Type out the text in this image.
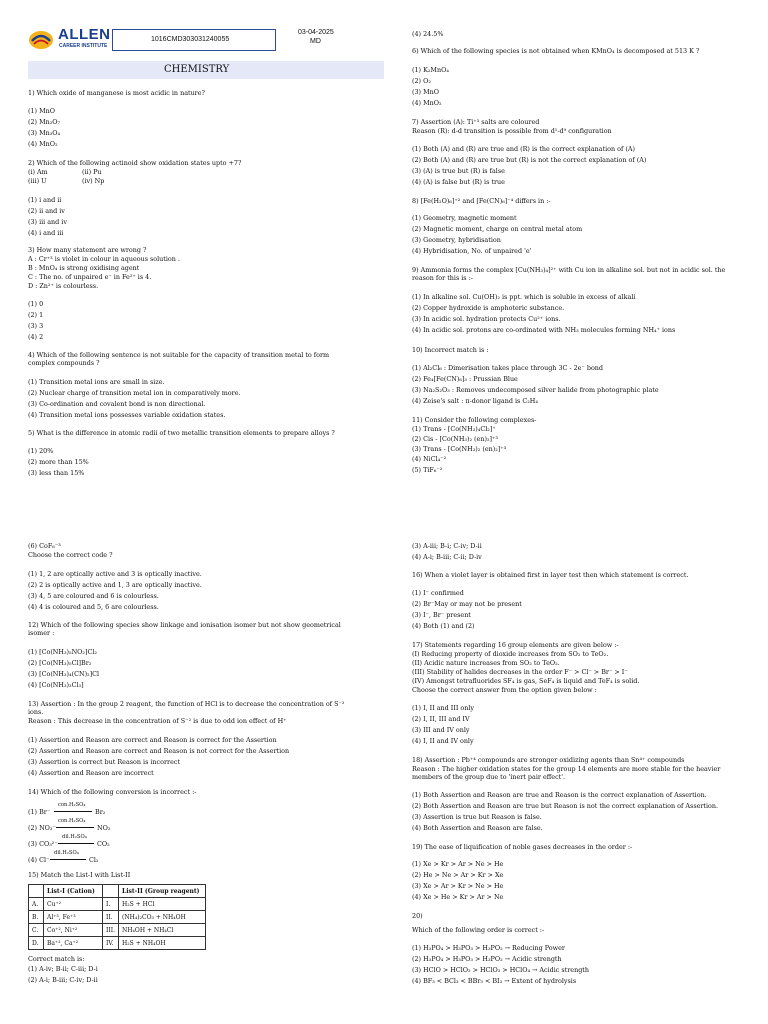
ALLEN
CAREER INSTITUTE
1016CMD303031240055
03-04-2025
MD
CHEMISTRY
1) Which oxide of manganese is most acidic in nature?
(1) MnO
(2) Mn₂O₇
(3) Mn₃O₄
(4) MnO₂
2) Which of the following actinoid show oxidation states upto +7?
(i) Am	(ii) Pu
(iii) U	(iv) Np
(1) i and ii
(2) ii and iv
(3) iii and iv
(4) i and iii
3) How many statement are wrong ?
A : Cr⁺³ is violet in colour in aqueous solution .
B : MnO₄ is strong oxidising agent
C : The no. of unpaired e⁻ in Fe²⁺ is 4.
D : Zn²⁺ is colourless.
(1) 0
(2) 1
(3) 3
(4) 2
4) Which of the following sentence is not suitable for the capacity of transition metal to form complex compounds ?
(1) Transition metal ions are small in size.
(2) Nuclear charge of transition metal ion in comparatively more.
(3) Co-ordination and covalent bond is non directional.
(4) Transition metal ions possesses variable oxidation states.
5) What is the difference in atomic radii of two metallic transition elements to prepare alloys ?
(1) 20%
(2) more than 15%
(3) less than 15%
(4) 24.5%
6) Which of the following species is not obtained when KMnO₄ is decomposed at 513 K ?
(1) K₂MnO₄
(2) O₂
(3) MnO
(4) MnO₂
7) Assertion (A): Ti⁺³ salts are coloured
Reason (R): d-d transition is possible from d¹-d⁹ configuration
(1) Both (A) and (R) are true and (R) is the correct explanation of (A)
(2) Both (A) and (R) are true but (R) is not the correct explanation of (A)
(3) (A) is true but (R) is false
(4) (A) is false but (R) is true
8) [Fe(H₂O)₆]⁺² and [Fe(CN)₆]⁻⁴ differs in :-
(1) Geometry, magnetic moment
(2) Magnetic moment, charge on central metal atom
(3) Geometry, hybridisation
(4) Hybridisation, No. of unpaired 'e'
9) Ammonia forms the complex [Cu(NH₃)₄]²⁺ with Cu ion in alkaline sol. but not in acidic sol. the reason for this is :-
(1) In alkaline sol. Cu(OH)₂ is ppt. which is soluble in excess of alkali
(2) Copper hydroxide is amphoteric substance.
(3) In acidic sol. hydration protects Cu²⁺ ions.
(4) In acidic sol. protons are co-ordinated with NH₃ molecules forming NH₄⁺ ions
10) Incorrect match is :
(1) Al₂Cl₆ : Dimerisation takes place through 3C - 2e⁻ bond
(2) Fe₄[Fe(CN)₆]₃ : Prussian Blue
(3) Na₂S₂O₃ : Removes undecomposed silver halide from photographic plate
(4) Zeise's salt : π-donor ligand is C₂H₄
11) Consider the following complexes-
(1) Trans - [Co(NH₃)₄Cl₂]⁺
(2) Cis - [Co(NH₃)₂ (en)₂]⁺³
(3) Trans - [Co(NH₃)₂ (en)₂]⁺³
(4) NiCl₄⁻²
(5) TiF₆⁻²
(6) CoF₆⁻³
Choose the correct code ?
(1) 1, 2 are optically active and 3 is optically inactive.
(2) 2 is optically active and 1, 3 are optically inactive.
(3) 4, 5 are coloured and 6 is colourless.
(4) 4 is coloured and 5, 6 are colourless.
12) Which of the following species show linkage and ionisation isomer but not show geometrical isomer :
(1) [Co(NH₃)₅NO₂]Cl₂
(2) [Co(NH₃)₅Cl]Br₂
(3) [Co(NH₃)₄(CN)₂]Cl
(4) [Co(NH₃)₃Cl₃]
13) Assertion : In the group 2 reagent, the function of HCl is to decrease the concentration of S⁻² ions.
Reason : This decrease in the concentration of S⁻² is due to odd ion effect of H⁺
(1) Assertion and Reason are correct and Reason is correct for the Assertion
(2) Assertion and Reason are correct and Reason is not correct for the Assertion
(3) Assertion is correct but Reason is incorrect
(4) Assertion and Reason are incorrect
14) Which of the following conversion is incorrect :-
(1) Br⁻
con.H₂SO₄
Br₂
(2) NO₃⁻
con.H₂SO₄
NO₂
(3) CO₃²⁻
dil.H₂SO₄
CO₂
(4) Cl⁻
dil.H₂SO₄
Cl₂
15) Match the List-I with List-II
	List-I (Cation)		List-II (Group reagent)
A.	Cu⁺²	I.	H₂S + HCl
B.	Al⁺³, Fe⁺³	II.	(NH₄)₂CO₃ + NH₄OH
C.	Co⁺², Ni⁺²	III.	NH₄OH + NH₄Cl
D.	Ba⁺², Ca⁺²	IV.	H₂S + NH₄OH
Correct match is:
(1) A-iv; B-ii; C-iii; D-i
(2) A-i; B-iii; C-iv; D-ii
(3) A-iii; B-i; C-iv; D-ii
(4) A-i; B-iii; C-ii; D-iv
16) When a violet layer is obtained first in layer test then which statement is correct.
(1) I⁻ confirmed
(2) Br⁻May or may not be present
(3) I⁻, Br⁻ present
(4) Both (1) and (2)
17) Statements regarding 16 group elements are given below :-
(I) Reducing property of dioxide increases from SO₂ to TeO₂.
(II) Acidic nature increases from SO₂ to TeO₂.
(III) Stability of halides decreases in the order F⁻ > Cl⁻ > Br⁻ > I⁻
(IV) Amongst tetrafluorides SF₄ is gas, SeF₄ is liquid and TeF₄ is solid.
Choose the correct answer from the option given below :
(1) I, II and III only
(2) I, II, III and IV
(3) III and IV only
(4) I, II and IV only
18) Assertion : Pb⁺⁴ compounds are stronger oxidizing agents than Sn⁴⁺ compounds
Reason : The higher oxidation states for the group 14 elements are more stable for the heavier members of the group due to 'inert pair effect'.
(1) Both Assertion and Reason are true and Reason is the correct explanation of Assertion.
(2) Both Assertion and Reason are true but Reason is not the correct explanation of Assertion.
(3) Assertion is true but Reason is false.
(4) Both Assertion and Reason are false.
19) The ease of liquification of noble gases decreases in the order :-
(1) Xe > Kr > Ar > Ne > He
(2) He > Ne > Ar > Kr > Xe
(3) Xe > Ar > Kr > Ne > He
(4) Xe > He > Kr > Ar > Ne
20)
Which of the following order is correct :-
(1) H₃PO₄ > H₃PO₃ > H₃PO₂ → Reducing Power
(2) H₃PO₄ > H₃PO₃ > H₃PO₂ → Acidic strength
(3) HClO > HClO₂ > HClO₃ > HClO₄ → Acidic strength
(4) BF₃ < BCl₃ < BBr₃ < BI₃ → Extent of hydrolysis
